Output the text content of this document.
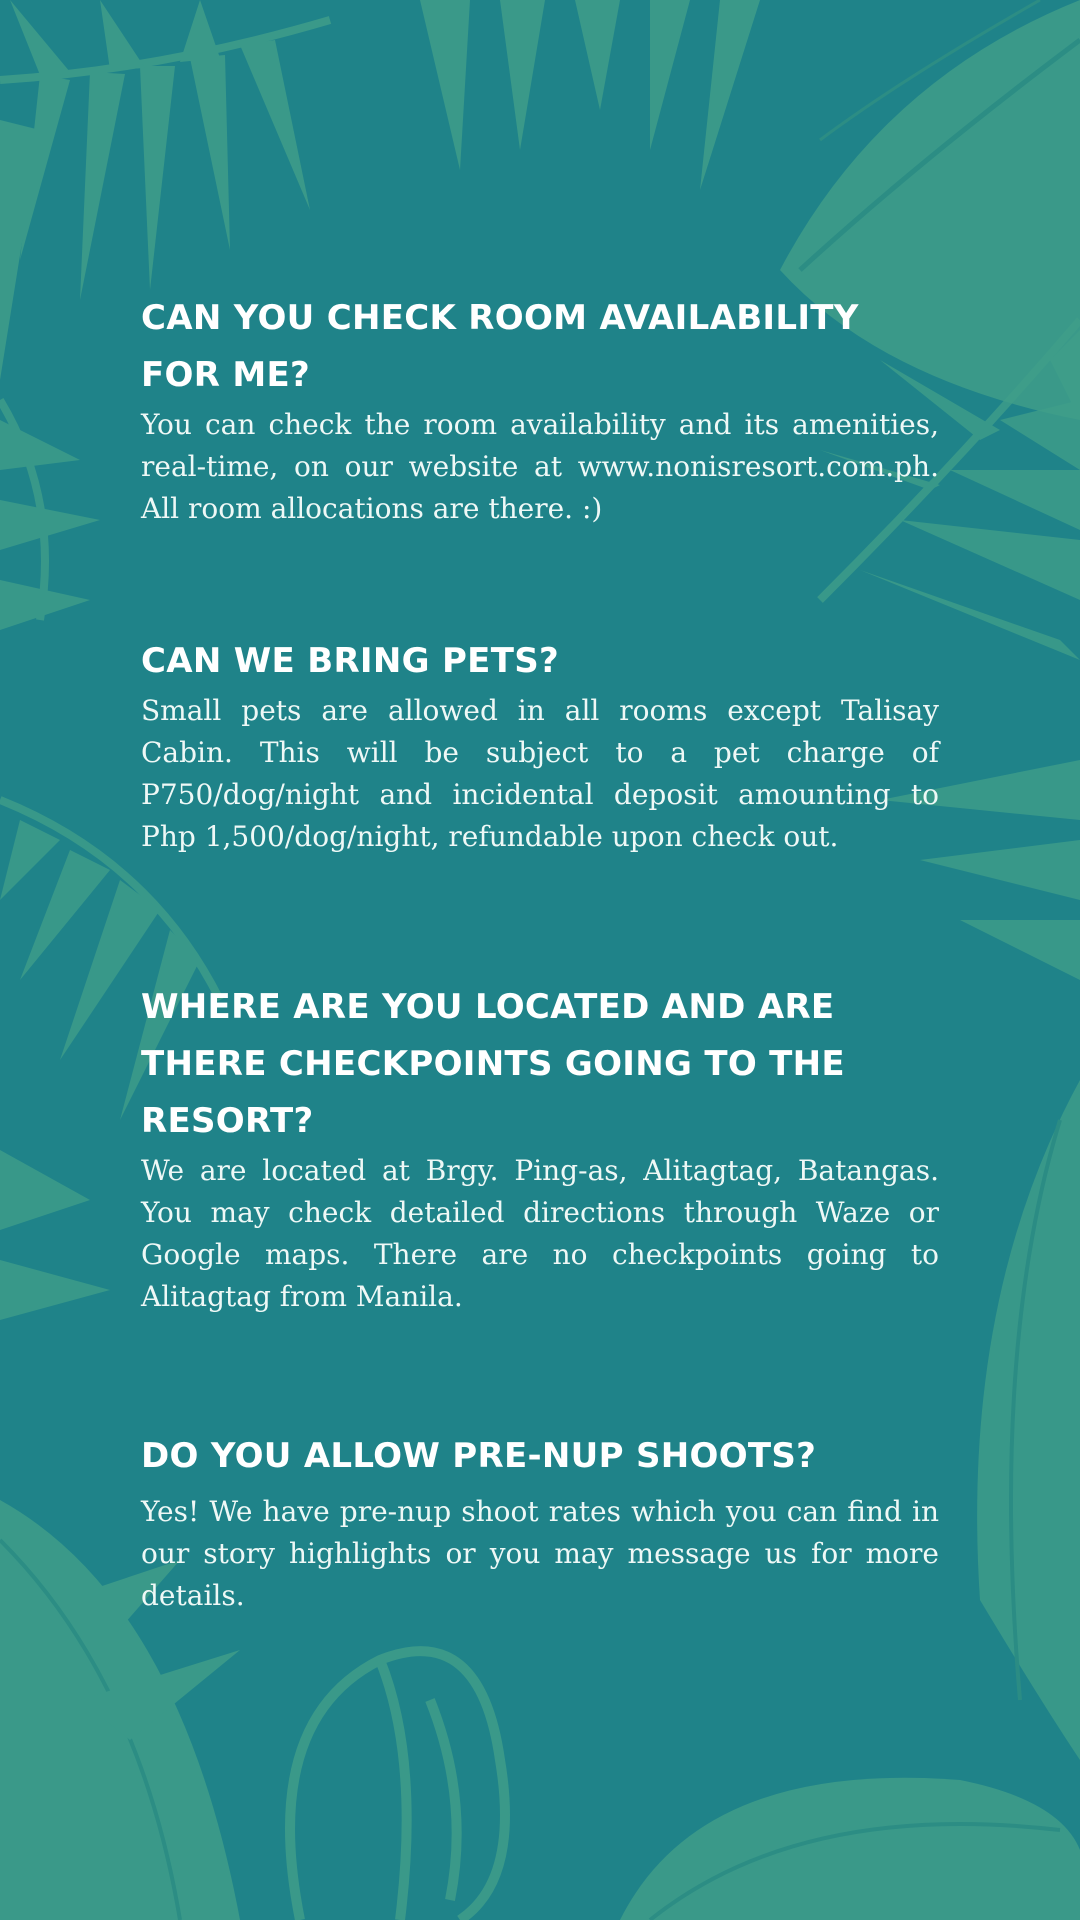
CAN YOU CHECK ROOM AVAILABILITY FOR ME?

You can check the room availability and its amenities, real-time, on our website at www.nonisresort.com.ph. All room allocations are there. :)

CAN WE BRING PETS?

Small pets are allowed in all rooms except Talisay Cabin. This will be subject to a pet charge of P750/dog/night and incidental deposit amounting to Php 1,500/dog/night, refundable upon check out.

WHERE ARE YOU LOCATED AND ARE THERE CHECKPOINTS GOING TO THE RESORT?

We are located at Brgy. Ping-as, Alitagtag, Batangas. You may check detailed directions through Waze or Google maps. There are no checkpoints going to Alitagtag from Manila.

DO YOU ALLOW PRE-NUP SHOOTS?

Yes! We have pre-nup shoot rates which you can find in our story highlights or you may message us for more details.
